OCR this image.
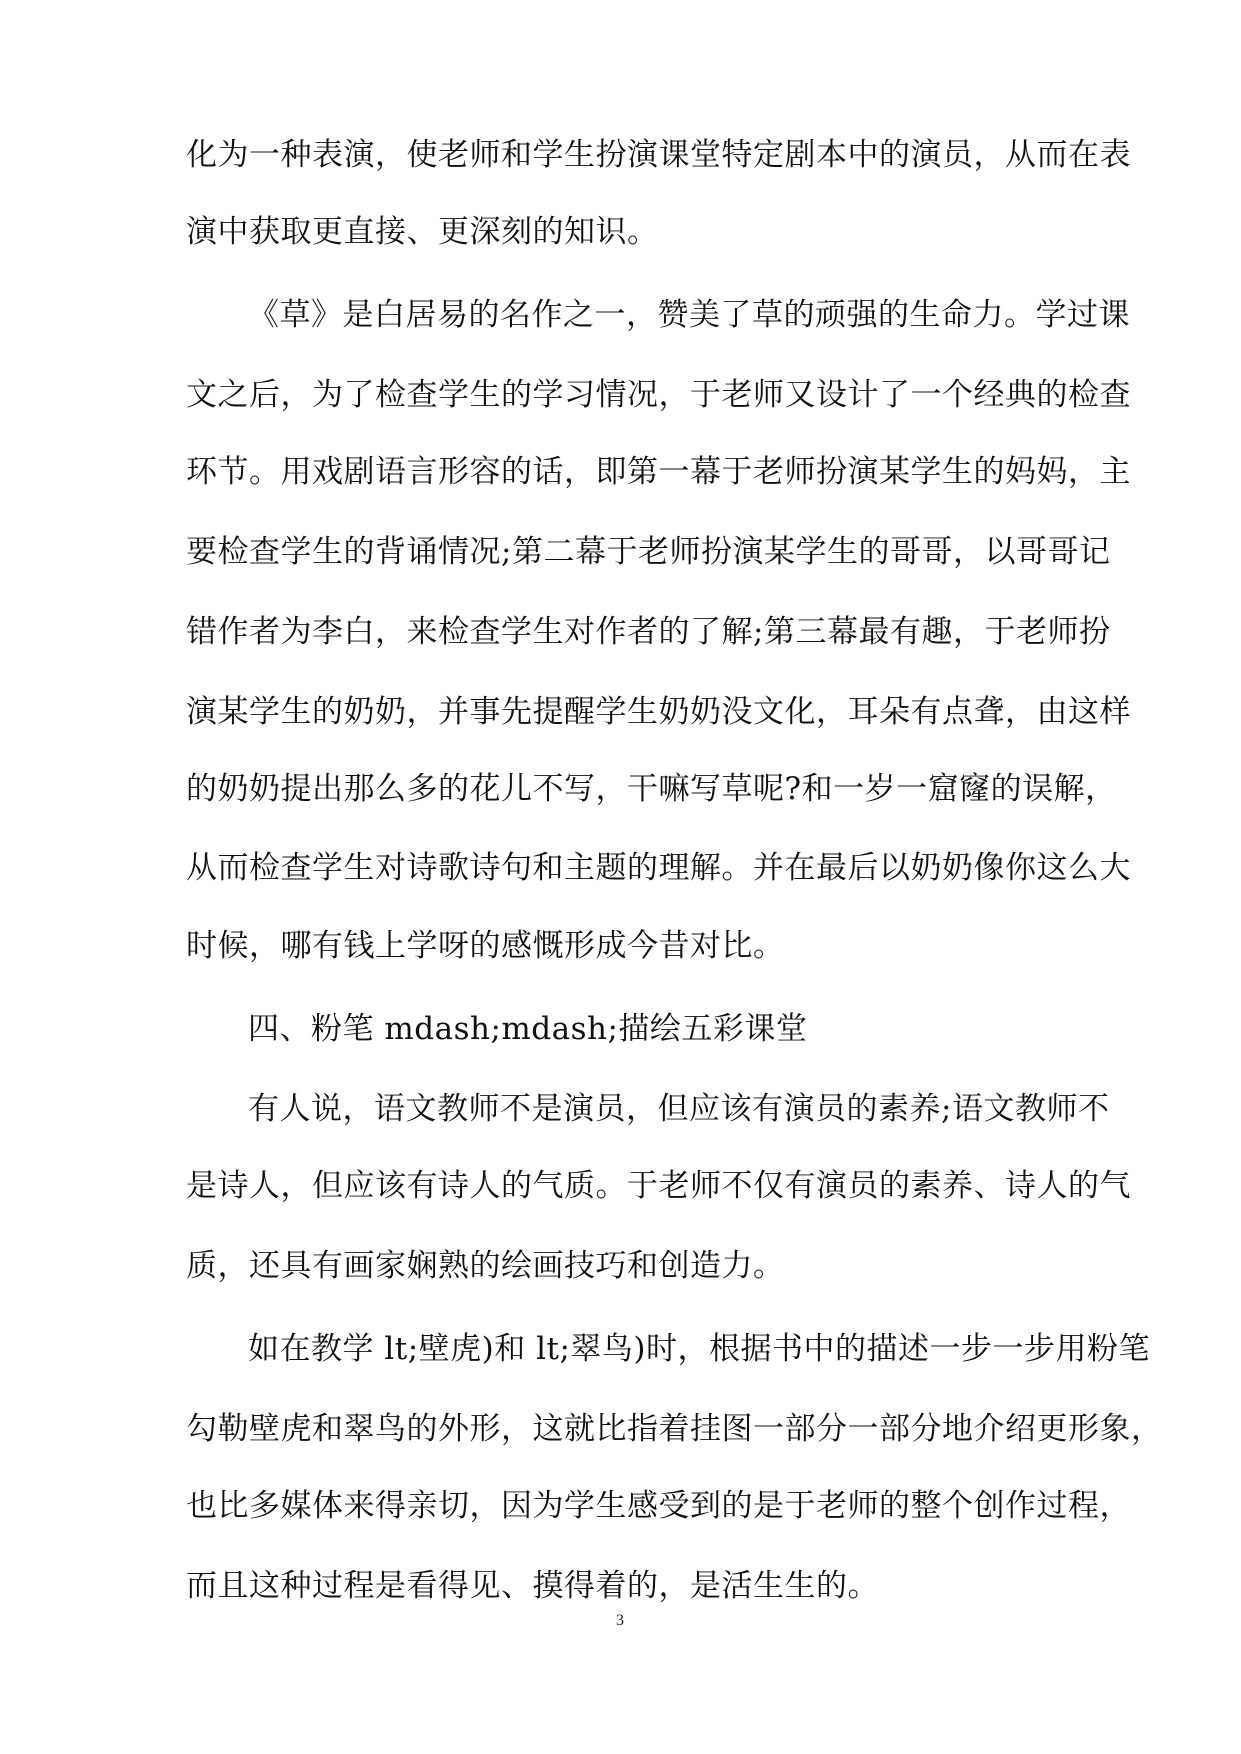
化为一种表演，使老师和学生扮演课堂特定剧本中的演员，从而在表
演中获取更直接、更深刻的知识。
《草》是白居易的名作之一，赞美了草的顽强的生命力。学过课
文之后，为了检查学生的学习情况，于老师又设计了一个经典的检查
环节。用戏剧语言形容的话，即第一幕于老师扮演某学生的妈妈，主
要检查学生的背诵情况;第二幕于老师扮演某学生的哥哥，以哥哥记
错作者为李白，来检查学生对作者的了解;第三幕最有趣，于老师扮
演某学生的奶奶，并事先提醒学生奶奶没文化，耳朵有点聋，由这样
的奶奶提出那么多的花儿不写，干嘛写草呢?和一岁一窟窿的误解，
从而检查学生对诗歌诗句和主题的理解。并在最后以奶奶像你这么大
时候，哪有钱上学呀的感慨形成今昔对比。
四、粉笔 mdash;mdash;描绘五彩课堂
有人说，语文教师不是演员，但应该有演员的素养;语文教师不
是诗人，但应该有诗人的气质。于老师不仅有演员的素养、诗人的气
质，还具有画家娴熟的绘画技巧和创造力。
如在教学 lt;壁虎)和 lt;翠鸟)时，根据书中的描述一步一步用粉笔
勾勒壁虎和翠鸟的外形，这就比指着挂图一部分一部分地介绍更形象，
也比多媒体来得亲切，因为学生感受到的是于老师的整个创作过程，
而且这种过程是看得见、摸得着的，是活生生的。
3
